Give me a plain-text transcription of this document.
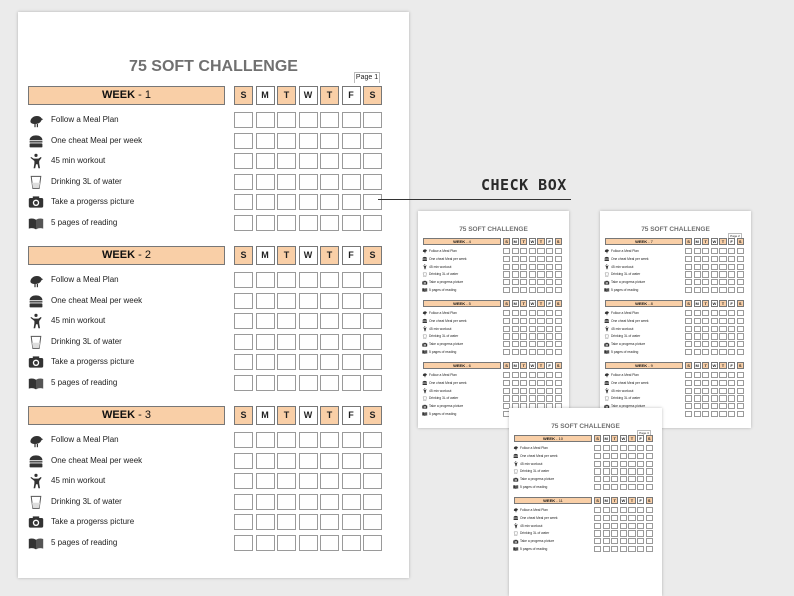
75 SOFT CHALLENGE
Page 1
WEEK - 1	S	M	T	W	T	F	S
Follow a Meal Plan
One cheat Meal per week
45 min workout
Drinking 3L of water
Take a progerss picture
5 pages of reading
WEEK - 2	S	M	T	W	T	F	S
Follow a Meal Plan
One cheat Meal per week
45 min workout
Drinking 3L of water
Take a progerss picture
5 pages of reading
WEEK - 3	S	M	T	W	T	F	S
Follow a Meal Plan
One cheat Meal per week
45 min workout
Drinking 3L of water
Take a progerss picture
5 pages of reading
75 SOFT CHALLENGE
WEEK - 4	S	M	T	W	T	F	S
Follow a Meal Plan
One cheat Meal per week
45 min workout
Drinking 3L of water
Take a progerss picture
5 pages of reading
WEEK - 5	S	M	T	W	T	F	S
Follow a Meal Plan
One cheat Meal per week
45 min workout
Drinking 3L of water
Take a progerss picture
5 pages of reading
WEEK - 6	S	M	T	W	T	F	S
Follow a Meal Plan
One cheat Meal per week
45 min workout
Drinking 3L of water
Take a progerss picture
5 pages of reading
75 SOFT CHALLENGE
Page 2
WEEK - 7	S	M	T	W	T	F	S
Follow a Meal Plan
One cheat Meal per week
45 min workout
Drinking 3L of water
Take a progerss picture
5 pages of reading
WEEK - 8	S	M	T	W	T	F	S
Follow a Meal Plan
One cheat Meal per week
45 min workout
Drinking 3L of water
Take a progerss picture
5 pages of reading
WEEK - 9	S	M	T	W	T	F	S
Follow a Meal Plan
One cheat Meal per week
45 min workout
Drinking 3L of water
Take a progerss picture
75 SOFT CHALLENGE
Page 3
WEEK - 10	S	M	T	W	T	F	S
Follow a Meal Plan
One cheat Meal per week
45 min workout
Drinking 3L of water
Take a progerss picture
5 pages of reading
WEEK - 11	S	M	T	W	T	F	S
Follow a Meal Plan
One cheat Meal per week
45 min workout
Drinking 3L of water
Take a progerss picture
5 pages of reading
CHECK BOX
